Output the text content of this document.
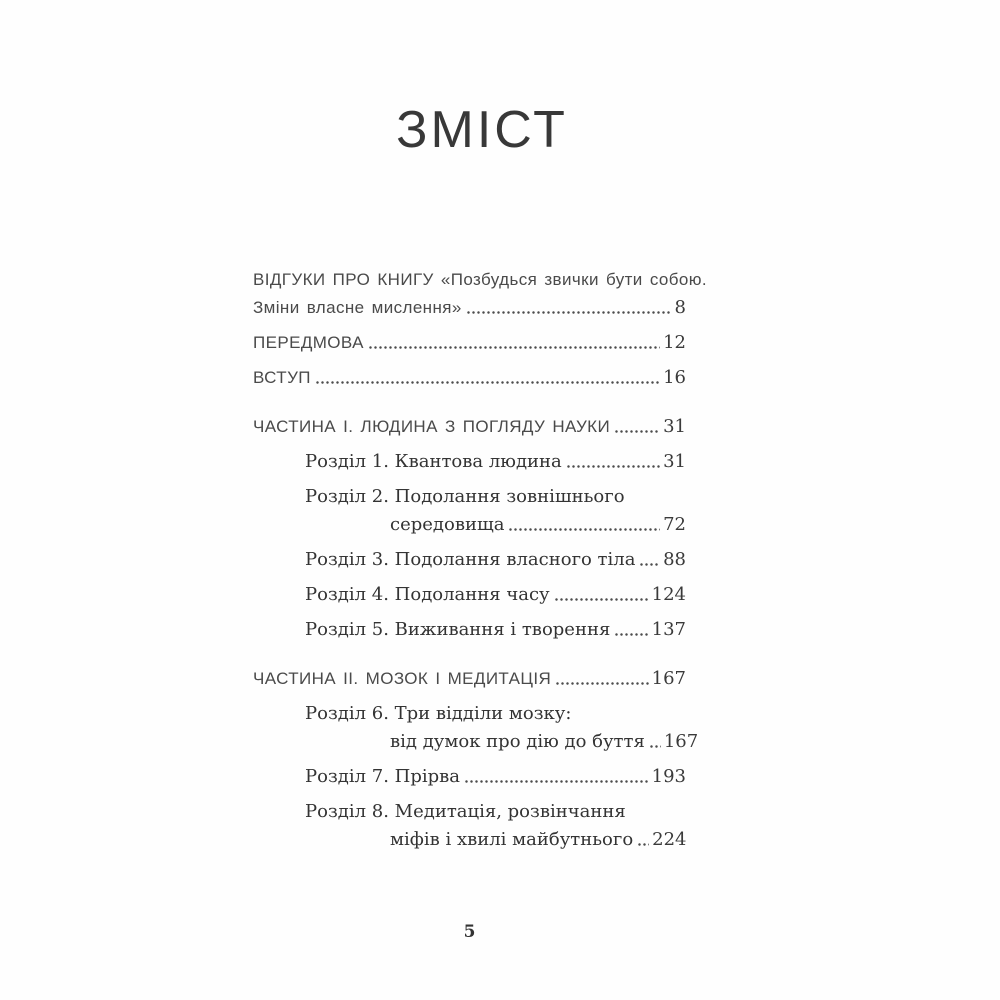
ЗМІСТ
ВІДГУКИ ПРО КНИГУ «Позбудься звички бути собою.
Зміни власне мислення»	8
ПЕРЕДМОВА	12
ВСТУП	16
ЧАСТИНА І. ЛЮДИНА З ПОГЛЯДУ НАУКИ	31
Розділ 1. Квантова людина	31
Розділ 2. Подолання зовнішнього
середовища	72
Розділ 3. Подолання власного тіла 88
Розділ 4. Подолання часу	124
Розділ 5. Виживання і творення 137
ЧАСТИНА ІІ. МОЗОК І МЕДИТАЦІЯ	167
Розділ 6. Три відділи мозку:
від думок про дію до буття 167
Розділ 7. Прірва	193
Розділ 8. Медитація, розвінчання
міфів і хвилі майбутнього 224
5
